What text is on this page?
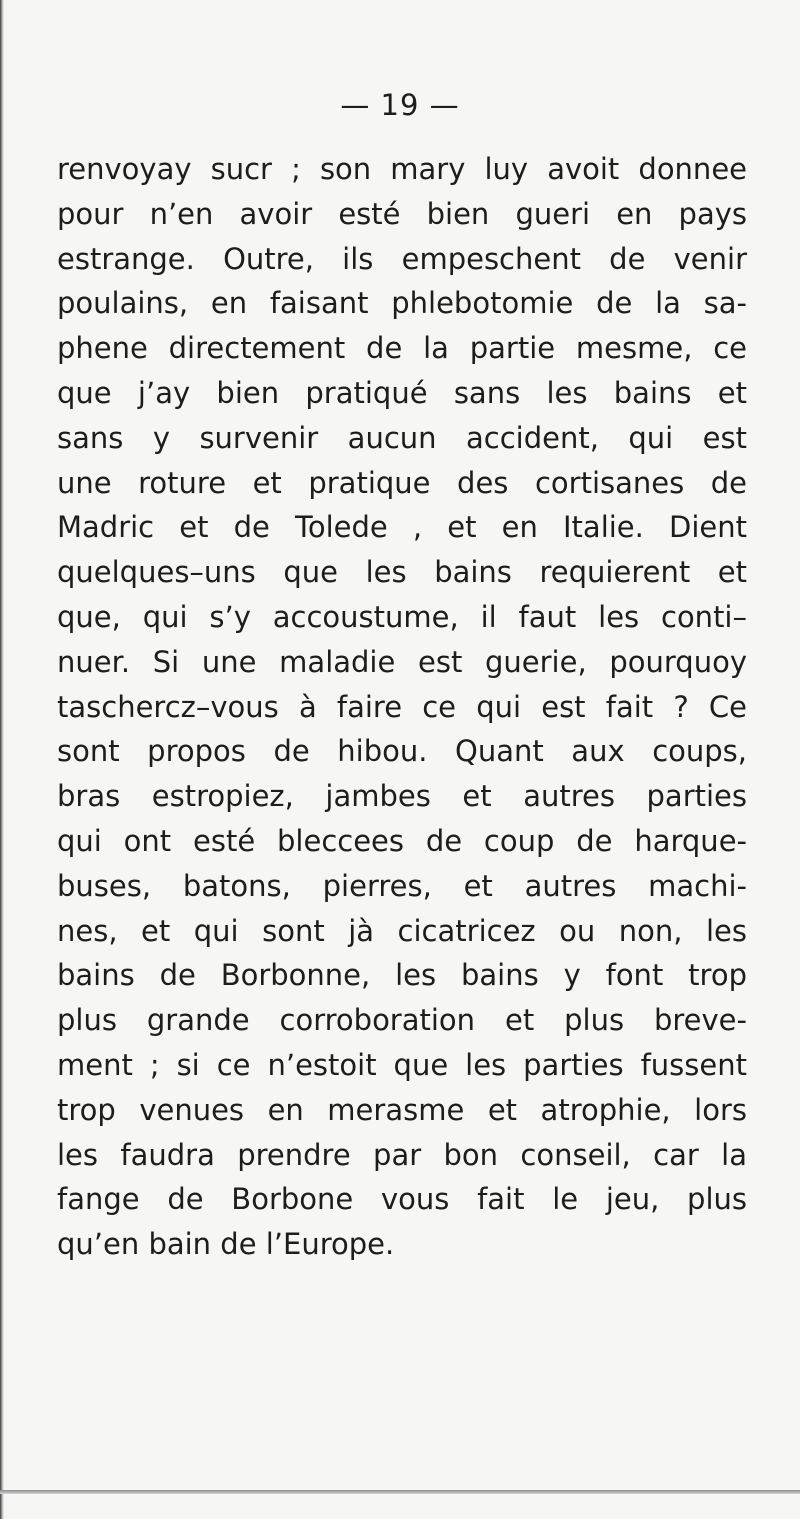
— 19 —
renvoyay sucr ; son mary luy avoit donnee
pour n’en avoir esté bien gueri en pays
estrange. Outre, ils empeschent de venir
poulains, en faisant phlebotomie de la sa-
phene directement de la partie mesme, ce
que j’ay bien pratiqué sans les bains et
sans y survenir aucun accident, qui est
une roture et pratique des cortisanes de
Madric et de Tolede , et en Italie. Dient
quelques–uns que les bains requierent et
que, qui s’y accoustume, il faut les conti–
nuer. Si une maladie est guerie, pourquoy
taschercz–vous à faire ce qui est fait ? Ce
sont propos de hibou. Quant aux coups,
bras estropiez, jambes et autres parties
qui ont esté bleccees de coup de harque-
buses, batons, pierres, et autres machi-
nes, et qui sont jà cicatricez ou non, les
bains de Borbonne, les bains y font trop
plus grande corroboration et plus breve-
ment ; si ce n’estoit que les parties fussent
trop venues en merasme et atrophie, lors
les faudra prendre par bon conseil, car la
fange de Borbone vous fait le jeu, plus
qu’en bain de l’Europe.
